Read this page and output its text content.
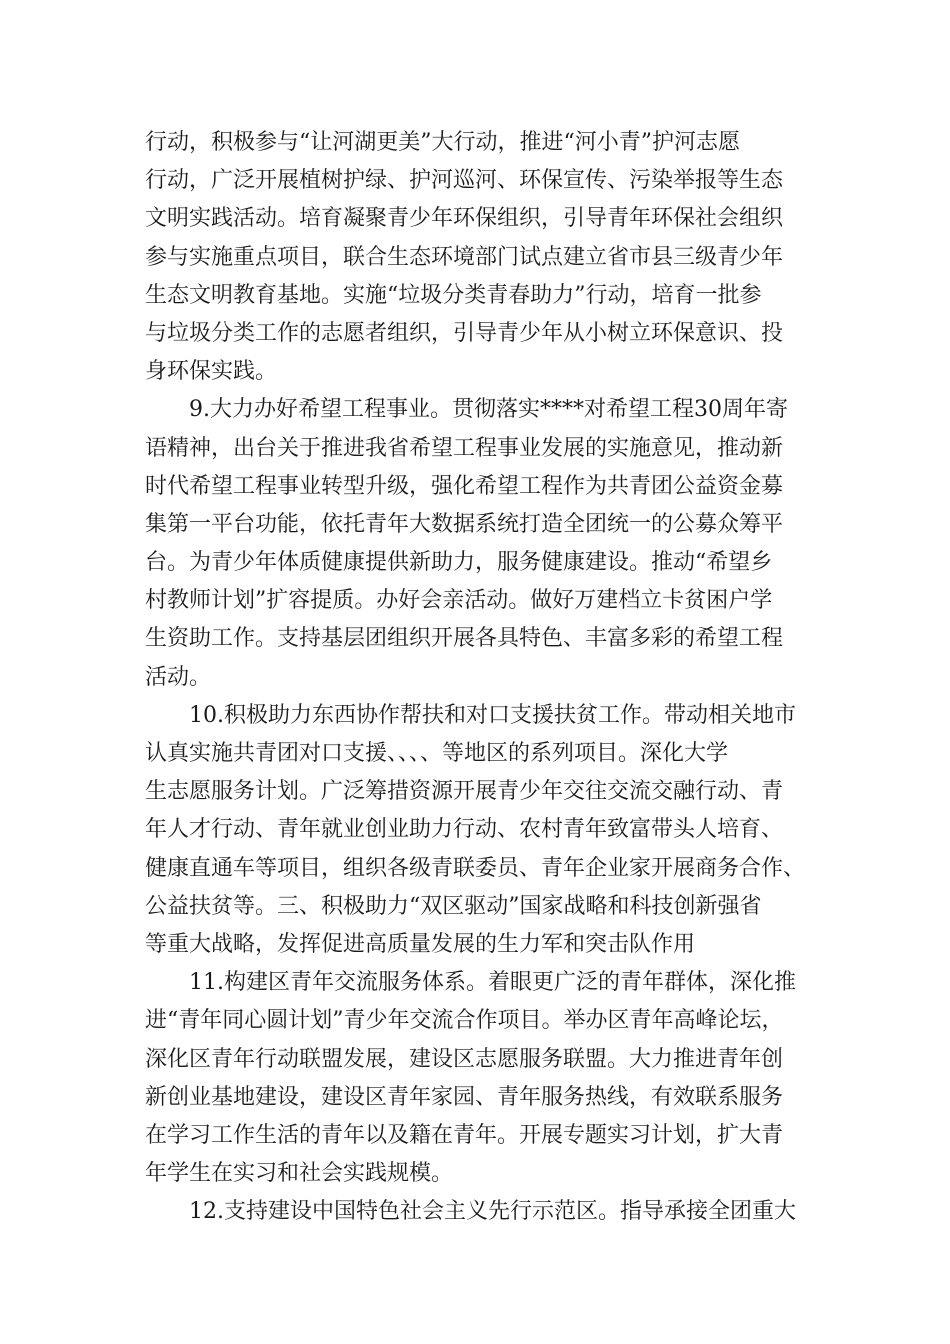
行动，积极参与“让河湖更美”大行动，推进“河小青”护河志愿
行动，广泛开展植树护绿、护河巡河、环保宣传、污染举报等生态
文明实践活动。培育凝聚青少年环保组织，引导青年环保社会组织
参与实施重点项目，联合生态环境部门试点建立省市县三级青少年
生态文明教育基地。实施“垃圾分类青春助力”行动，培育一批参
与垃圾分类工作的志愿者组织，引导青少年从小树立环保意识、投
身环保实践。
9.大力办好希望工程事业。贯彻落实****对希望工程30周年寄
语精神，出台关于推进我省希望工程事业发展的实施意见，推动新
时代希望工程事业转型升级，强化希望工程作为共青团公益资金募
集第一平台功能，依托青年大数据系统打造全团统一的公募众筹平
台。为青少年体质健康提供新助力，服务健康建设。推动“希望乡
村教师计划”扩容提质。办好会亲活动。做好万建档立卡贫困户学
生资助工作。支持基层团组织开展各具特色、丰富多彩的希望工程
活动。
10.积极助力东西协作帮扶和对口支援扶贫工作。带动相关地市
认真实施共青团对口支援、、、、等地区的系列项目。深化大学
生志愿服务计划。广泛筹措资源开展青少年交往交流交融行动、青
年人才行动、青年就业创业助力行动、农村青年致富带头人培育、
健康直通车等项目，组织各级青联委员、青年企业家开展商务合作、
公益扶贫等。三、积极助力“双区驱动”国家战略和科技创新强省
等重大战略，发挥促进高质量发展的生力军和突击队作用
11.构建区青年交流服务体系。着眼更广泛的青年群体，深化推
进“青年同心圆计划”青少年交流合作项目。举办区青年高峰论坛，
深化区青年行动联盟发展，建设区志愿服务联盟。大力推进青年创
新创业基地建设，建设区青年家园、青年服务热线，有效联系服务
在学习工作生活的青年以及籍在青年。开展专题实习计划，扩大青
年学生在实习和社会实践规模。
12.支持建设中国特色社会主义先行示范区。指导承接全团重大
